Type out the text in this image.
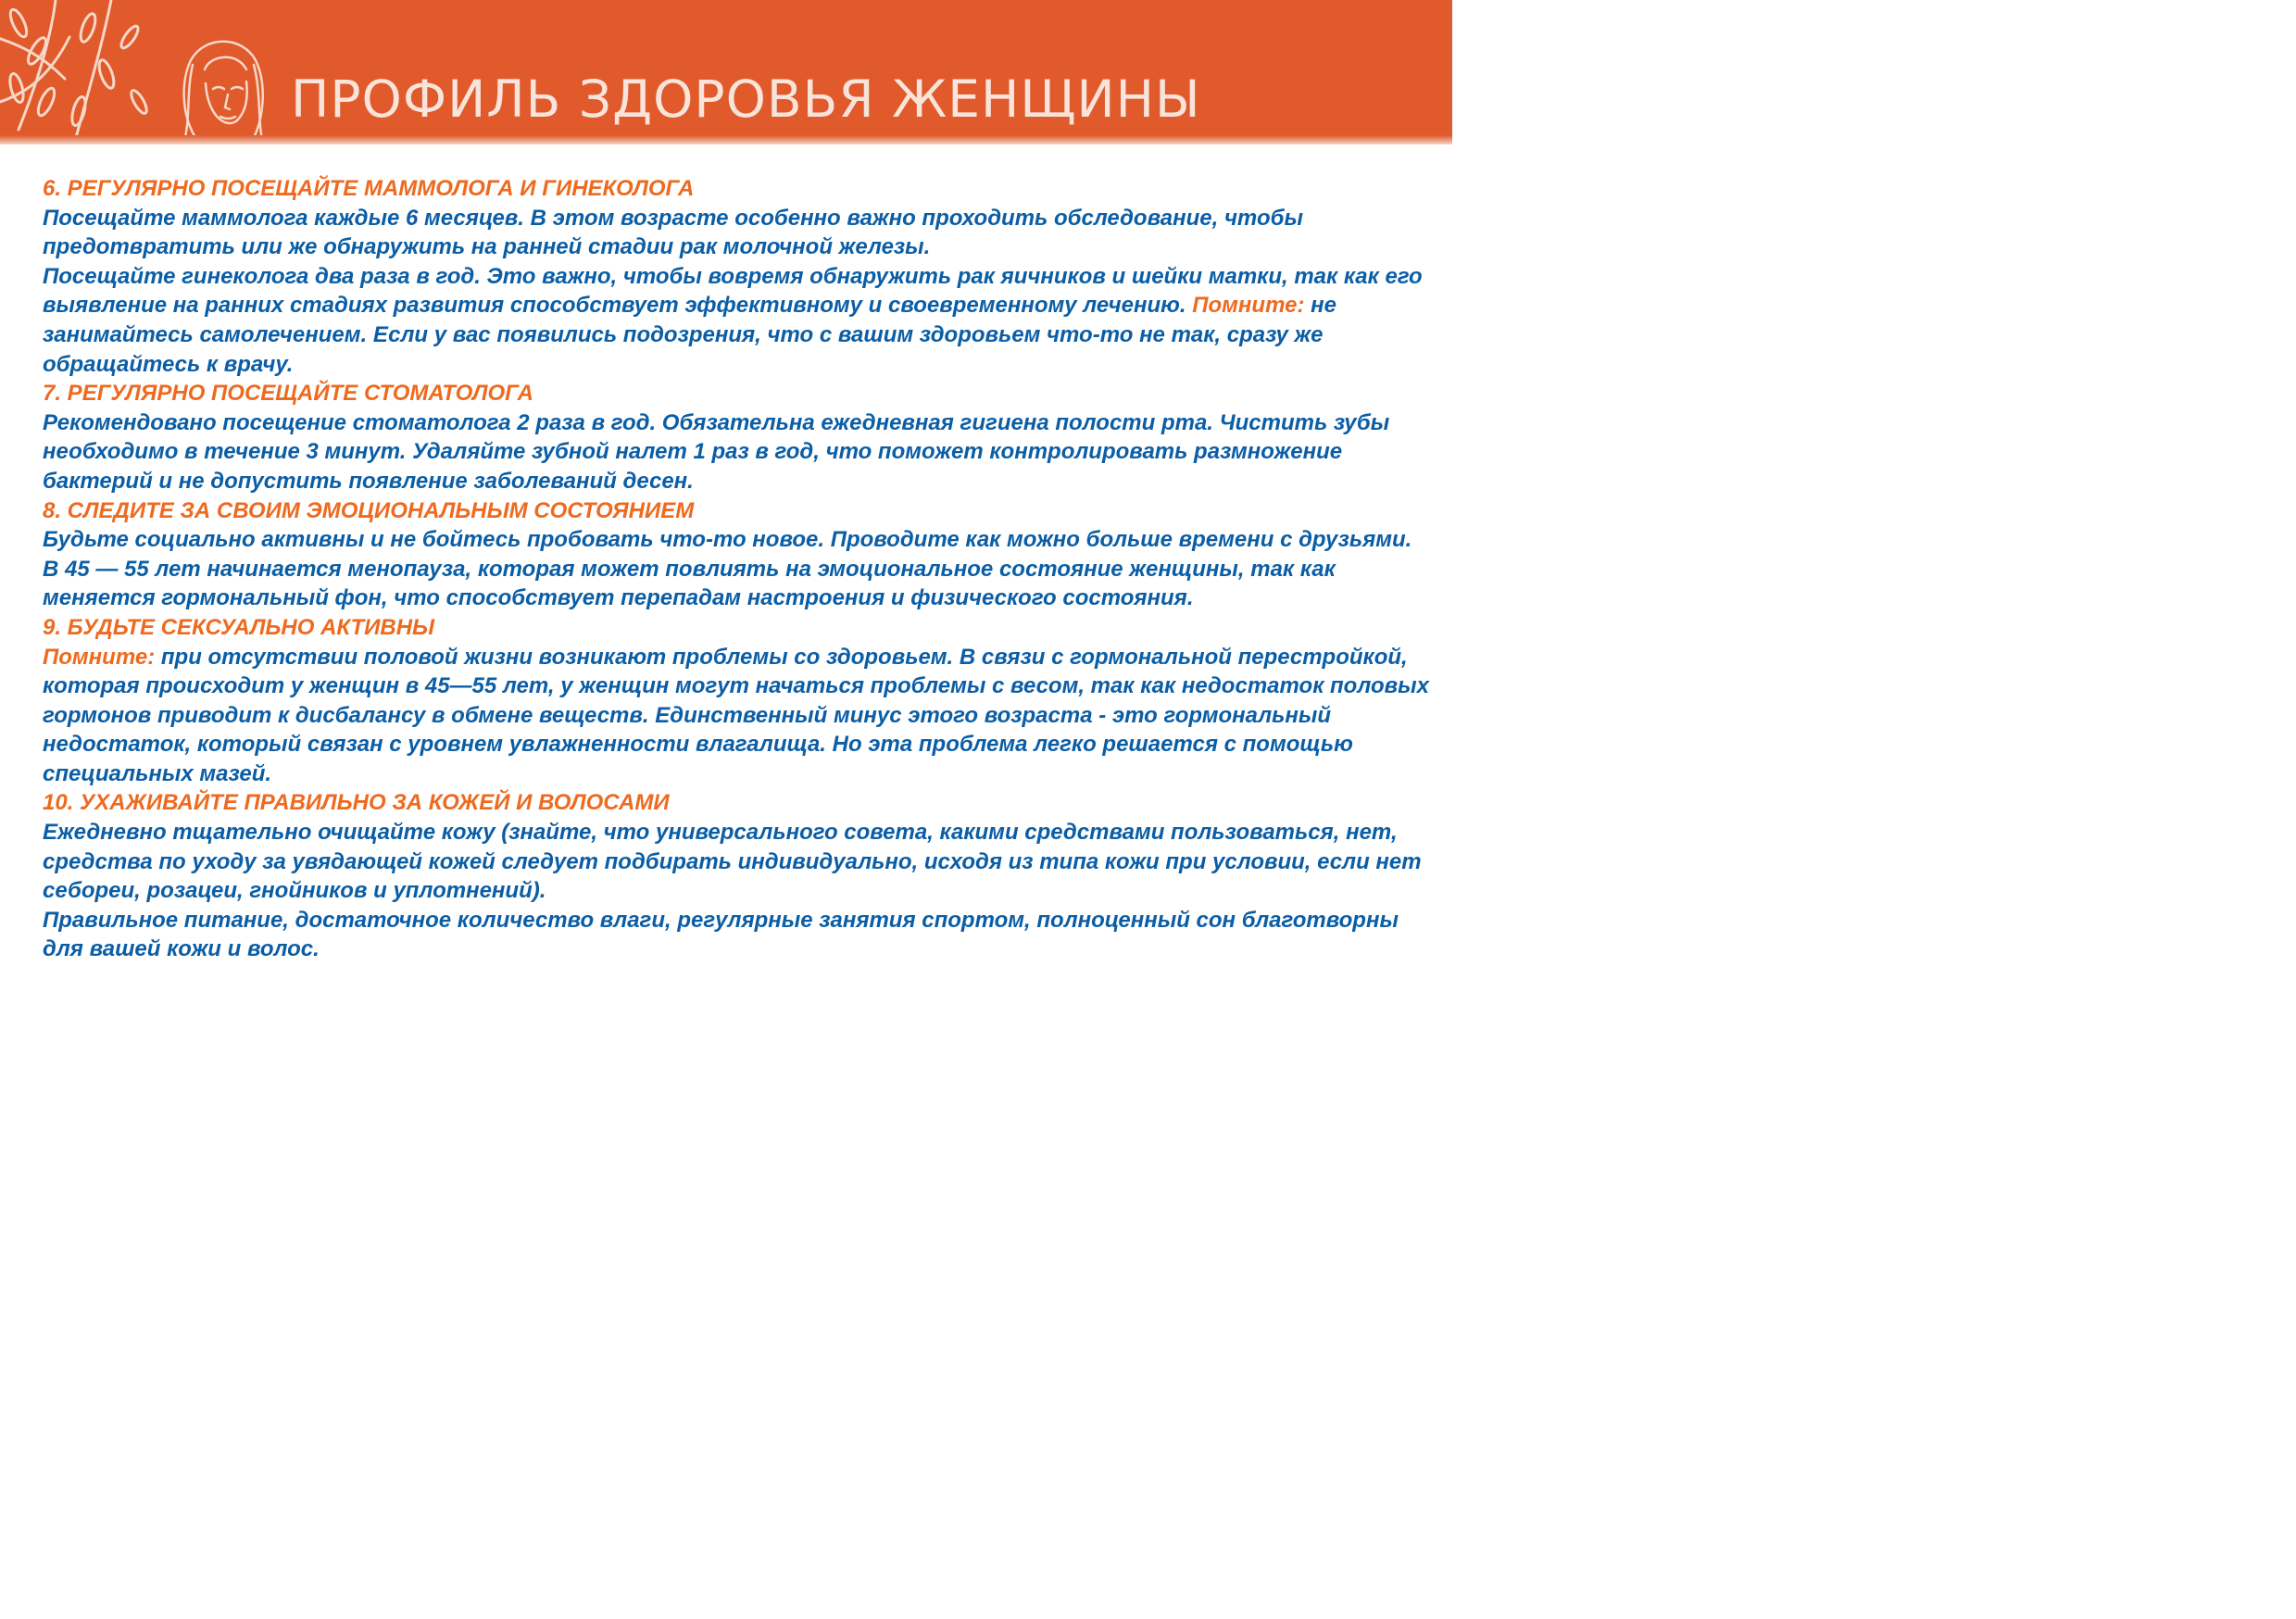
ПРОФИЛЬ ЗДОРОВЬЯ ЖЕНЩИНЫ

6. РЕГУЛЯРНО ПОСЕЩАЙТЕ МАММОЛОГА И ГИНЕКОЛОГА

Посещайте маммолога каждые 6 месяцев. В этом возрасте особенно важно проходить обследование, чтобы предотвратить или же обнаружить на ранней стадии рак молочной железы.

Посещайте гинеколога два раза в год. Это важно, чтобы вовремя обнаружить рак яичников и шейки матки, так как его выявление на ранних стадиях развития способствует эффективному и своевременному лечению. Помните: не занимайтесь самолечением. Если у вас появились подозрения, что с вашим здоровьем что-то не так, сразу же обращайтесь к врачу.

7. РЕГУЛЯРНО ПОСЕЩАЙТЕ СТОМАТОЛОГА

Рекомендовано посещение стоматолога 2 раза в год. Обязательна ежедневная гигиена полости рта. Чистить зубы необходимо в течение 3 минут. Удаляйте зубной налет 1 раз в год, что поможет контролировать размножение бактерий и не допустить появление заболеваний десен.

8. СЛЕДИТЕ ЗА СВОИМ ЭМОЦИОНАЛЬНЫМ СОСТОЯНИЕМ

Будьте социально активны и не бойтесь пробовать что-то новое. Проводите как можно больше времени с друзьями. В 45 — 55 лет начинается менопауза, которая может повлиять на эмоциональное состояние женщины, так как меняется гормональный фон, что способствует перепадам настроения и физического состояния.

9. БУДЬТЕ СЕКСУАЛЬНО АКТИВНЫ

Помните: при отсутствии половой жизни возникают проблемы со здоровьем. В связи с гормональной перестройкой, которая происходит у женщин в 45—55 лет, у женщин могут начаться проблемы с весом, так как недостаток половых гормонов приводит к дисбалансу в обмене веществ. Единственный минус этого возраста - это гормональный недостаток, который связан с уровнем увлажненности влагалища. Но эта проблема легко решается с помощью специальных мазей.

10. УХАЖИВАЙТЕ ПРАВИЛЬНО ЗА КОЖЕЙ И ВОЛОСАМИ

Ежедневно тщательно очищайте кожу (знайте, что универсального совета, какими средствами пользоваться, нет, средства по уходу за увядающей кожей следует подбирать индивидуально, исходя из типа кожи при условии, если нет себореи, розацеи, гнойников и уплотнений).

Правильное питание, достаточное количество влаги, регулярные занятия спортом, полноценный сон благотворны для вашей кожи и волос.
